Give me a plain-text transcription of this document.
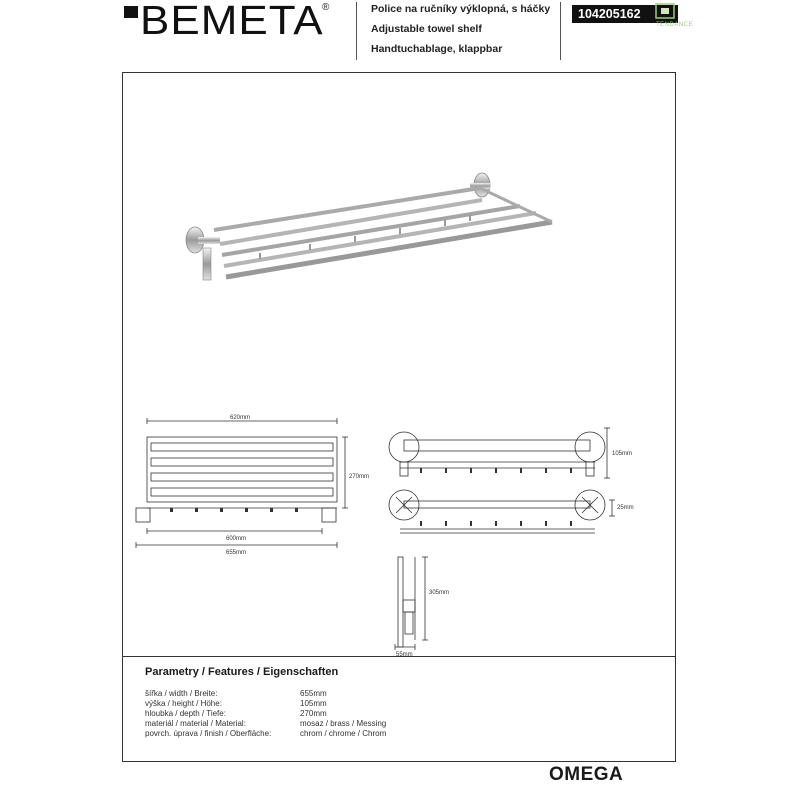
BEMETA
®	Police na ručníky výklopná, s háčky
Adjustable towel shelf
Handtuchablage, klappbar
104205162
TENDANCE
620mm
270mm
600mm
655mm
105mm
25mm
305mm
55mm
Parametry / Features / Eigenschaften
šířka / width / Breite:	655mm
výška / height / Höhe:	105mm
hloubka / depth / Tiefe:	270mm
materiál / material / Material:	mosaz / brass / Messing
povrch. úprava / finish / Oberfläche:	chrom / chrome / Chrom
OMEGA
